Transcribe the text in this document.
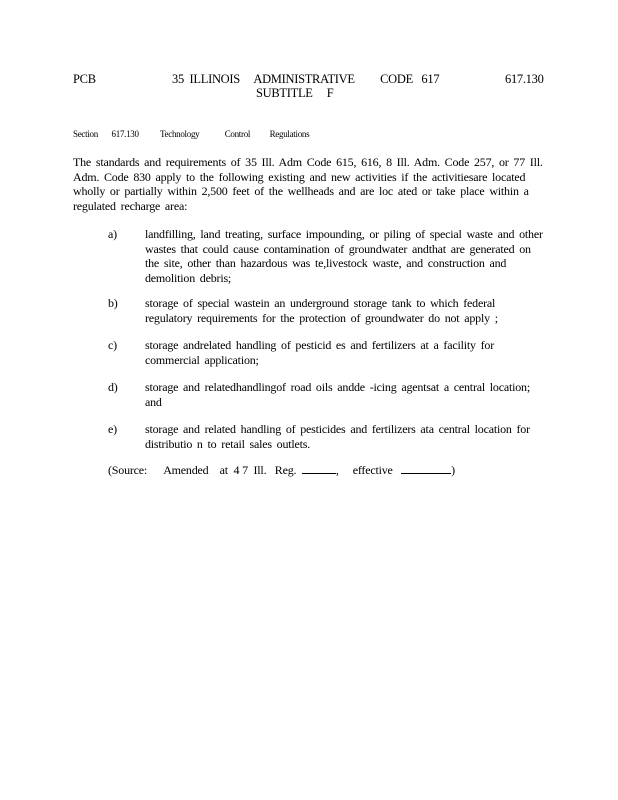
PCB	35  ILLINOIS     ADMINISTRATIVE         CODE   617	617.130
SUBTITLE     F
Section       617.130           Technology             Control          Regulations
The standards and requirements of 35 Ill. Adm Code 615, 616, 8 Ill. Adm. Code 257, or 77 Ill. Adm. Code 830 apply to the following existing and new activities if the activitiesare located wholly or partially within 2,500 feet of the wellheads and are loc ated or take place within a regulated recharge area:
a) landfilling, land treating, surface impounding, or piling of special waste and other wastes that could cause contamination of groundwater andthat are generated on the site, other than hazardous was te,livestock waste, and construction and demolition debris;
b) storage of special wastein an underground storage tank to which federal regulatory requirements for the protection of groundwater do not apply ;
c) storage andrelated handling of pesticid es and fertilizers at a facility for commercial application;
d) storage and relatedhandlingof road oils andde -icing agentsat a central location; and
e) storage and related handling of pesticides and fertilizers ata central location for distributio n to retail sales outlets.
(Source:      Amended    at  4 7  Ill.   Reg.	,     effective	)
